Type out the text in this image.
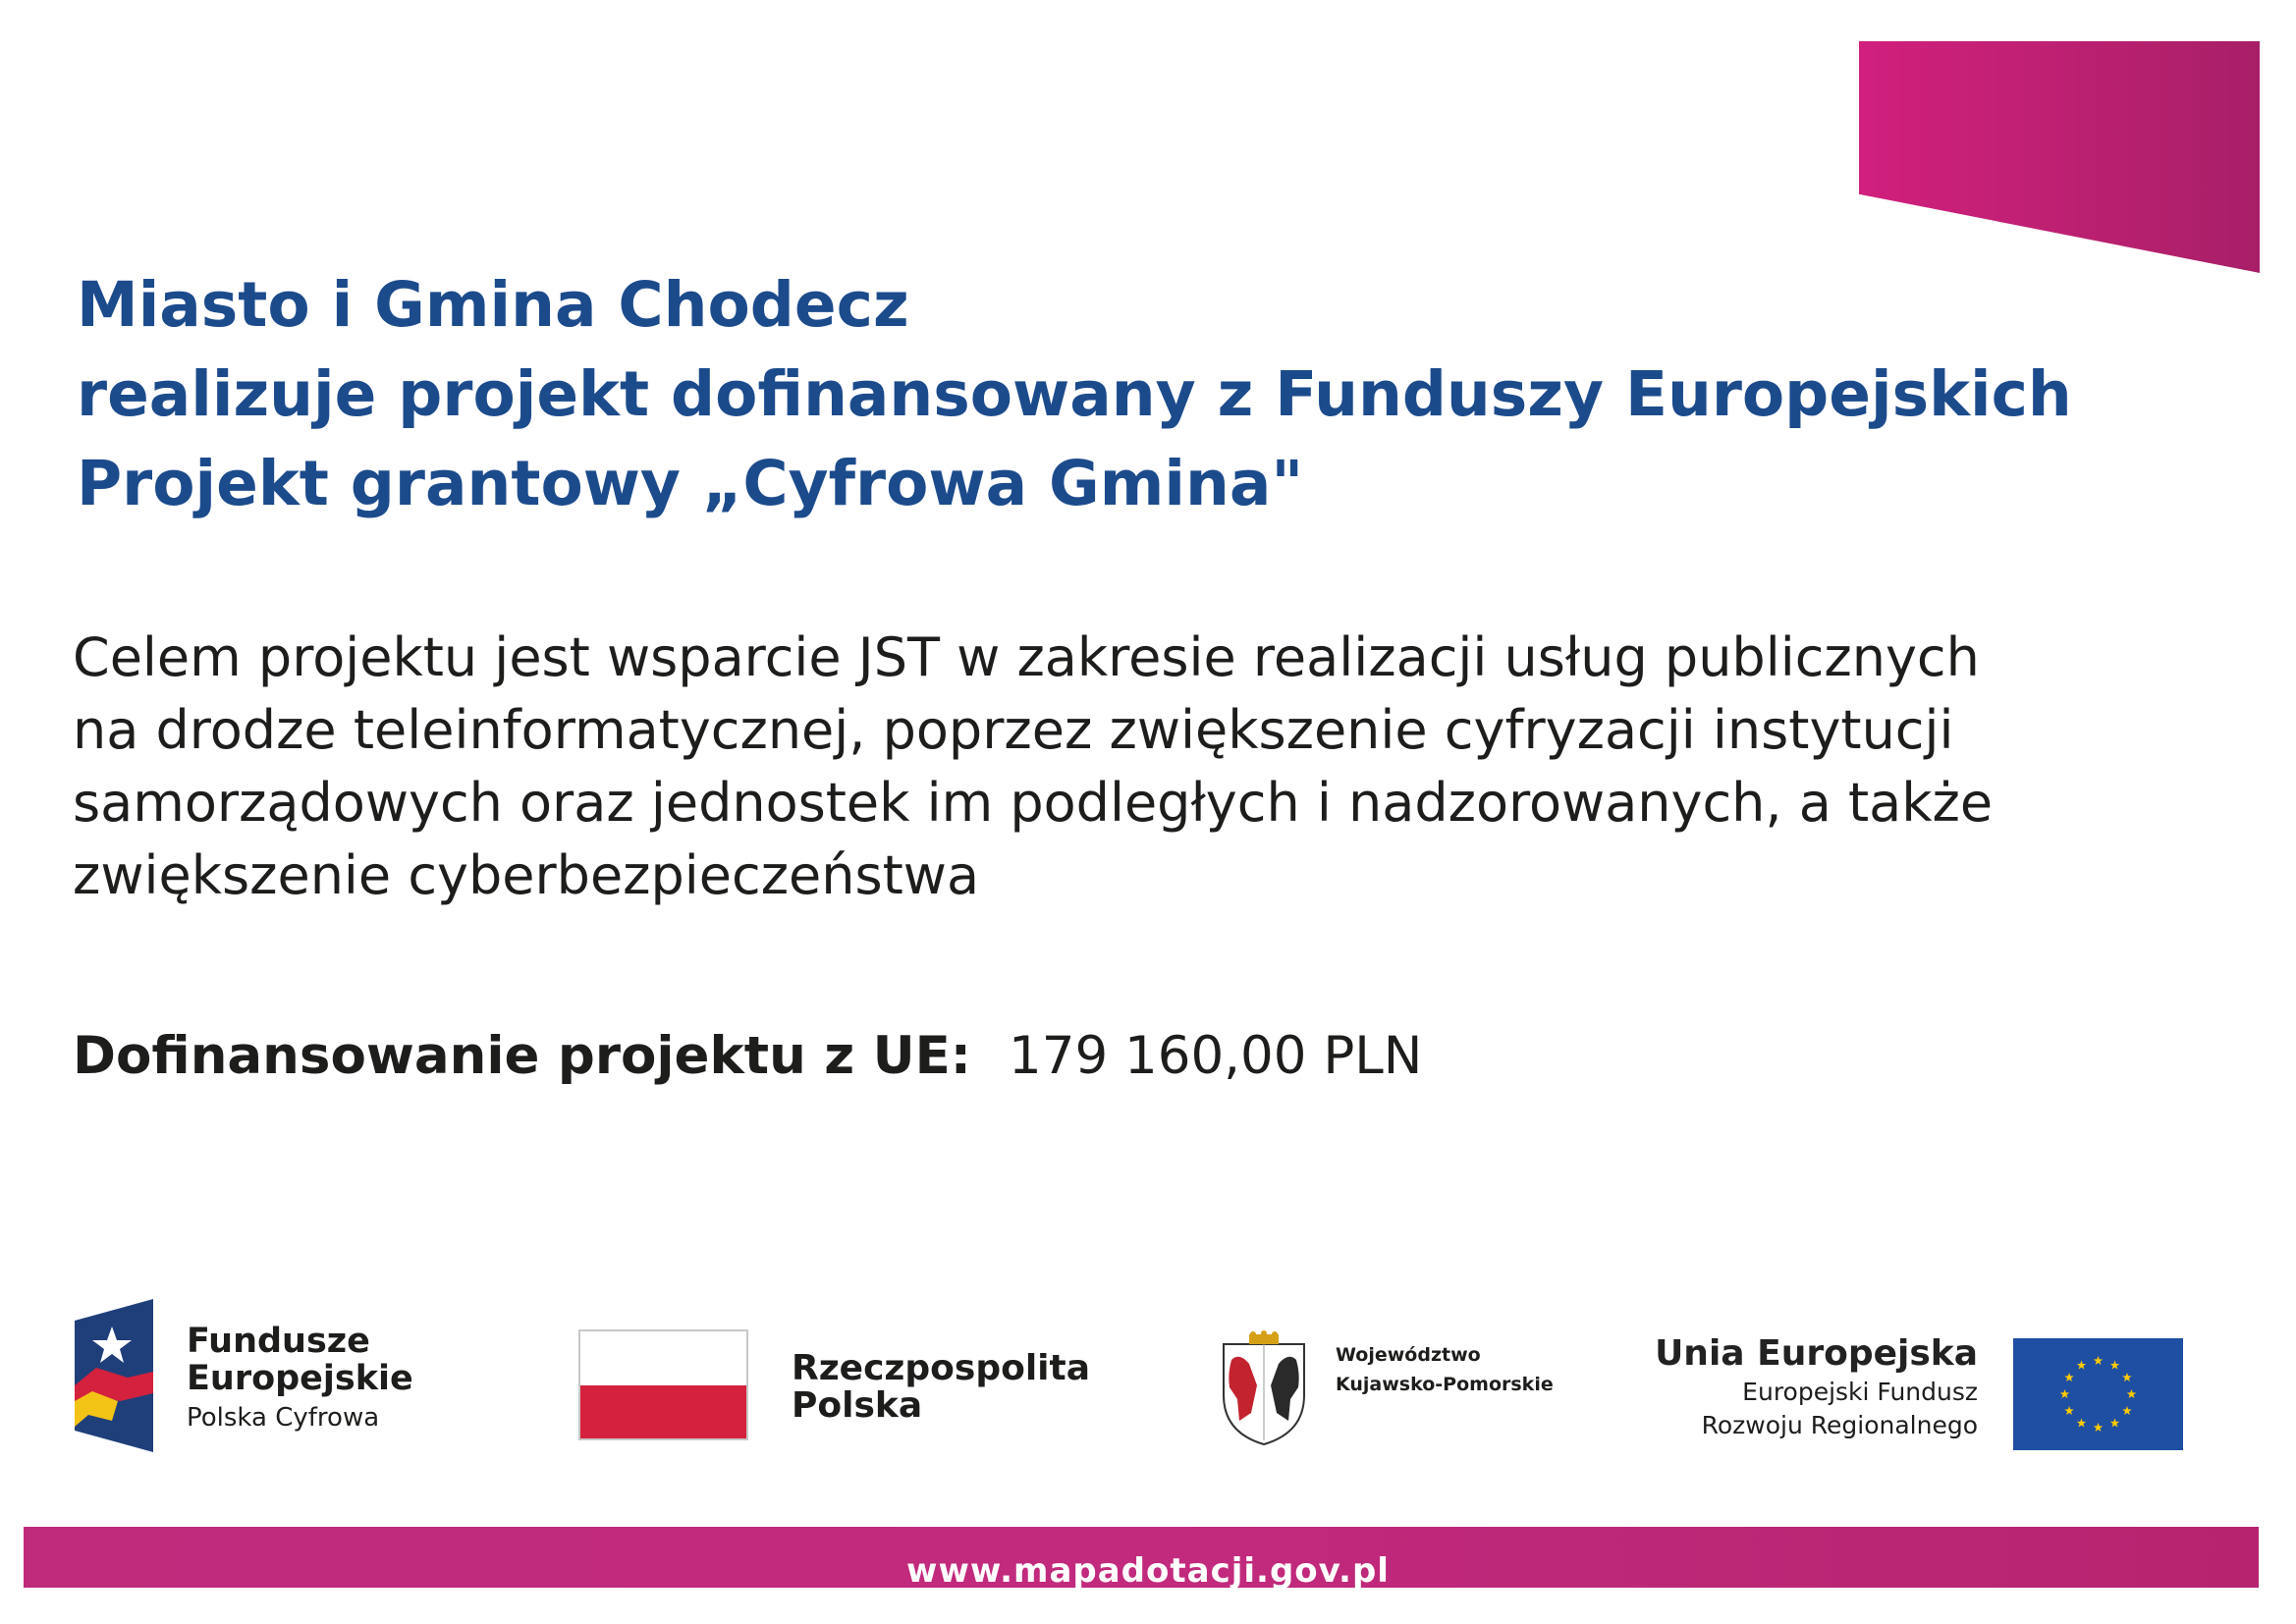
Miasto i Gmina Chodecz
realizuje projekt dofinansowany z Funduszy Europejskich
Projekt grantowy „Cyfrowa Gmina"
Celem projektu jest wsparcie JST w zakresie realizacji usług publicznych
na drodze teleinformatycznej, poprzez zwiększenie cyfryzacji instytucji
samorządowych oraz jednostek im podległych i nadzorowanych, a także
zwiększenie cyberbezpieczeństwa
Dofinansowanie projektu z UE: 179 160,00 PLN
Fundusze
Europejskie
Polska Cyfrowa
Rzeczpospolita
Polska
Województwo
Kujawsko-Pomorskie
Unia Europejska
Europejski Fundusz
Rozwoju Regionalnego
www.mapadotacji.gov.pl
